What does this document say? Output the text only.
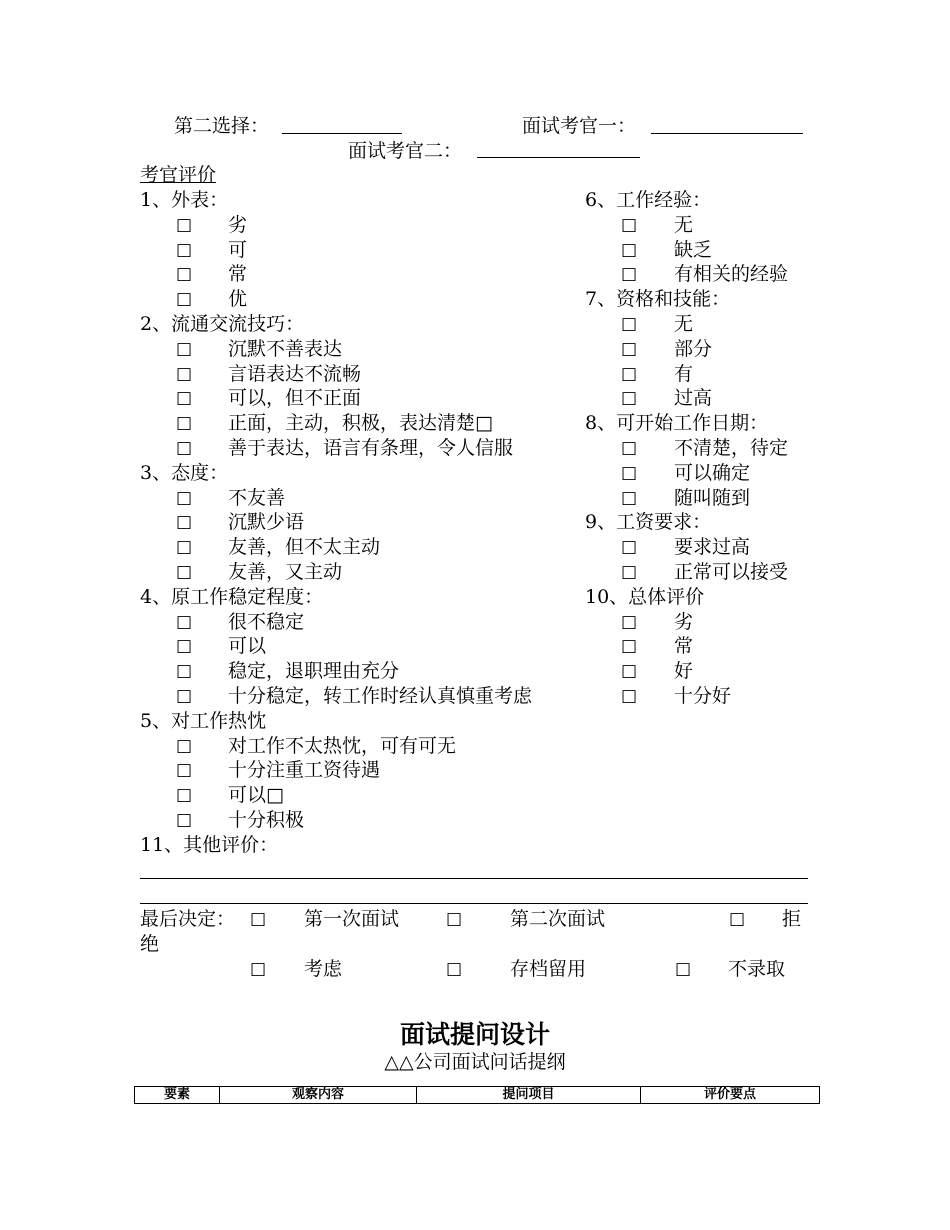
第二选择：	面试考官一：
面试考官二：
考官评价
1、外表：
□ 劣
□ 可
□ 常
□ 优
2、流通交流技巧：
□ 沉默不善表达
□ 言语表达不流畅
□ 可以，但不正面
□ 正面，主动，积极，表达清楚□
□ 善于表达，语言有条理，令人信服
3、态度：
□ 不友善
□ 沉默少语
□ 友善，但不太主动
□ 友善，又主动
4、原工作稳定程度：
□ 很不稳定
□ 可以
□ 稳定，退职理由充分
□ 十分稳定，转工作时经认真慎重考虑
5、对工作热忱
□ 对工作不太热忱，可有可无
□ 十分注重工资待遇
□ 可以□
□ 十分积极
6、工作经验：
□ 无
□ 缺乏
□ 有相关的经验
7、资格和技能：
□ 无
□ 部分
□ 有
□ 过高
8、可开始工作日期：
□ 不清楚，待定
□ 可以确定
□ 随叫随到
9、工资要求：
□ 要求过高
□ 正常可以接受
10、总体评价
□ 劣
□ 常
□ 好
□ 十分好
11、其他评价：
最后决定： □ 第一次面试	□	第二次面试	□ 拒
绝
□ 考虑	□	存档留用	□ 不录取
面试提问设计
△△公司面试问话提纲
要素	观察内容	提问项目	评价要点
